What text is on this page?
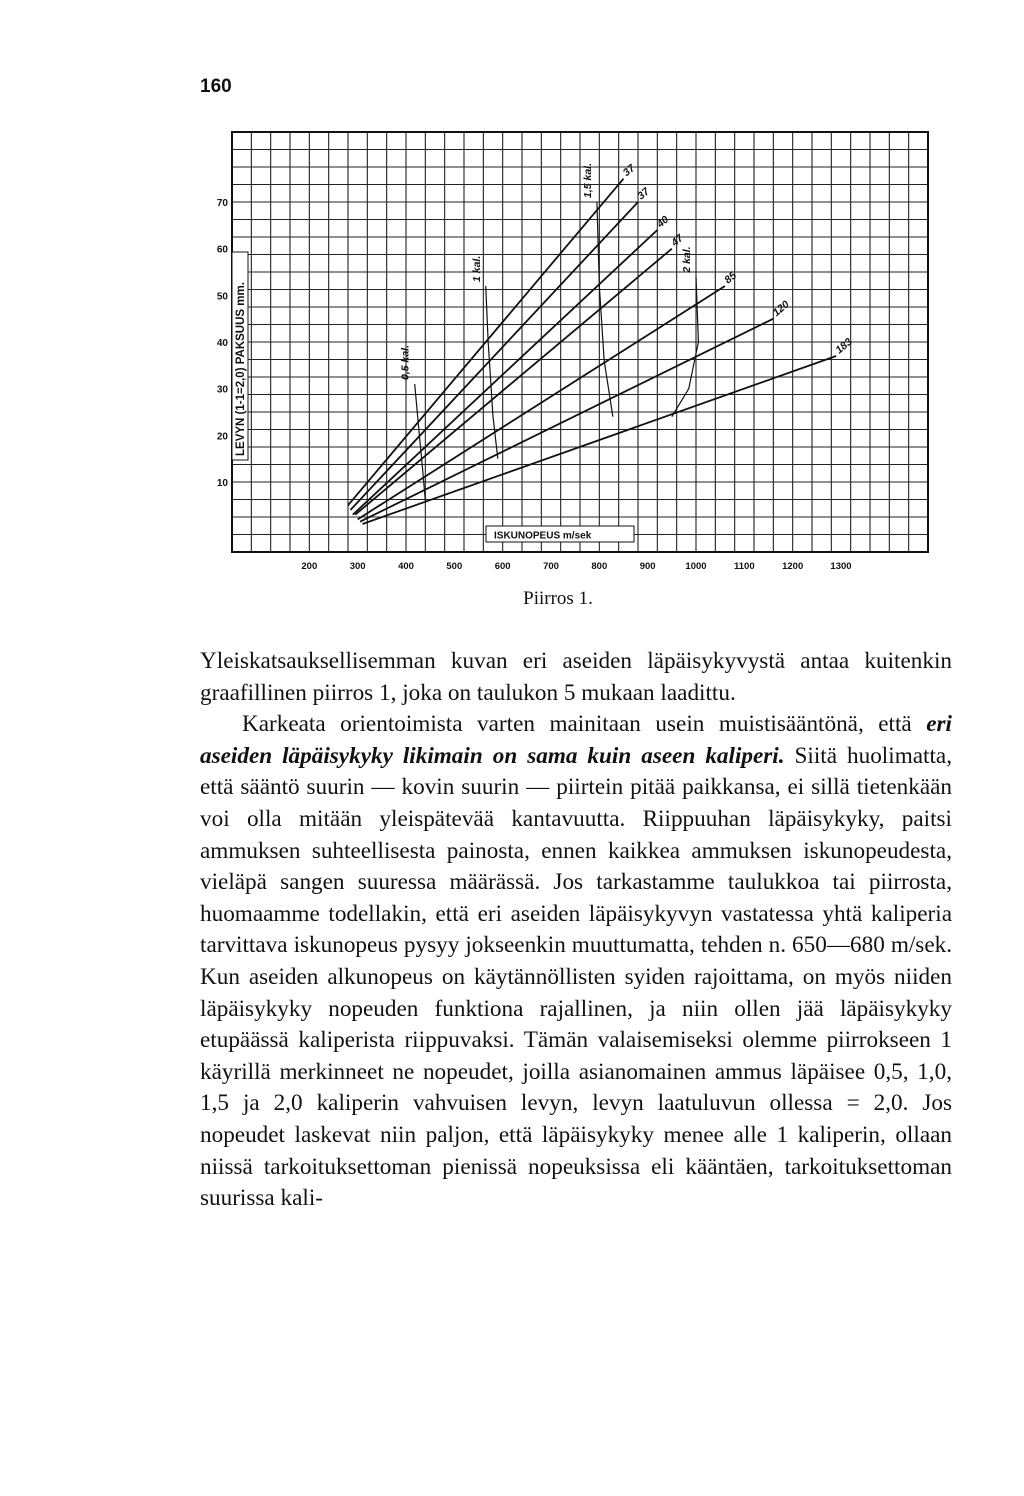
160
10
20
30
40
50
60
70
200	300	400	500	600	700	800	900	1000	1100	1200	1300
37
37
40
47
85
120
183
0,5 kal.
1 kal.
1,5 kal.
2 kal.
LEVYN (1-1=2,0) PAKSUUS mm.
ISKUNOPEUS m/sek
Piirros 1.

Yleiskatsauksellisemman kuvan eri aseiden läpäisykyvystä antaa kuitenkin graafillinen piirros 1, joka on taulukon 5 mukaan laadittu.

Karkeata orientoimista varten mainitaan usein muistisääntönä, että eri aseiden läpäisykyky likimain on sama kuin aseen kaliperi. Siitä huolimatta, että sääntö suurin — kovin suurin — piirtein pitää paikkansa, ei sillä tietenkään voi olla mitään yleispätevää kantavuutta. Riippuuhan läpäisykyky, paitsi ammuksen suhteellisesta painosta, ennen kaikkea ammuksen iskunopeudesta, vieläpä sangen suuressa määrässä. Jos tarkastamme taulukkoa tai piirrosta, huomaamme todellakin, että eri aseiden läpäisykyvyn vastatessa yhtä kaliperia tarvittava iskunopeus pysyy jokseenkin muuttumatta, tehden n. 650—680 m/sek. Kun aseiden alkunopeus on käytännöllisten syiden rajoittama, on myös niiden läpäisykyky nopeuden funktiona rajallinen, ja niin ollen jää läpäisykyky etupäässä kaliperista riippuvaksi. Tämän valaisemiseksi olemme piirrokseen 1 käyrillä merkinneet ne nopeudet, joilla asianomainen ammus läpäisee 0,5, 1,0, 1,5 ja 2,0 kaliperin vahvuisen levyn, levyn laatuluvun ollessa = 2,0. Jos nopeudet laskevat niin paljon, että läpäisykyky menee alle 1 kaliperin, ollaan niissä tarkoituksettoman pienissä nopeuksissa eli kääntäen, tarkoituksettoman suurissa kali-
